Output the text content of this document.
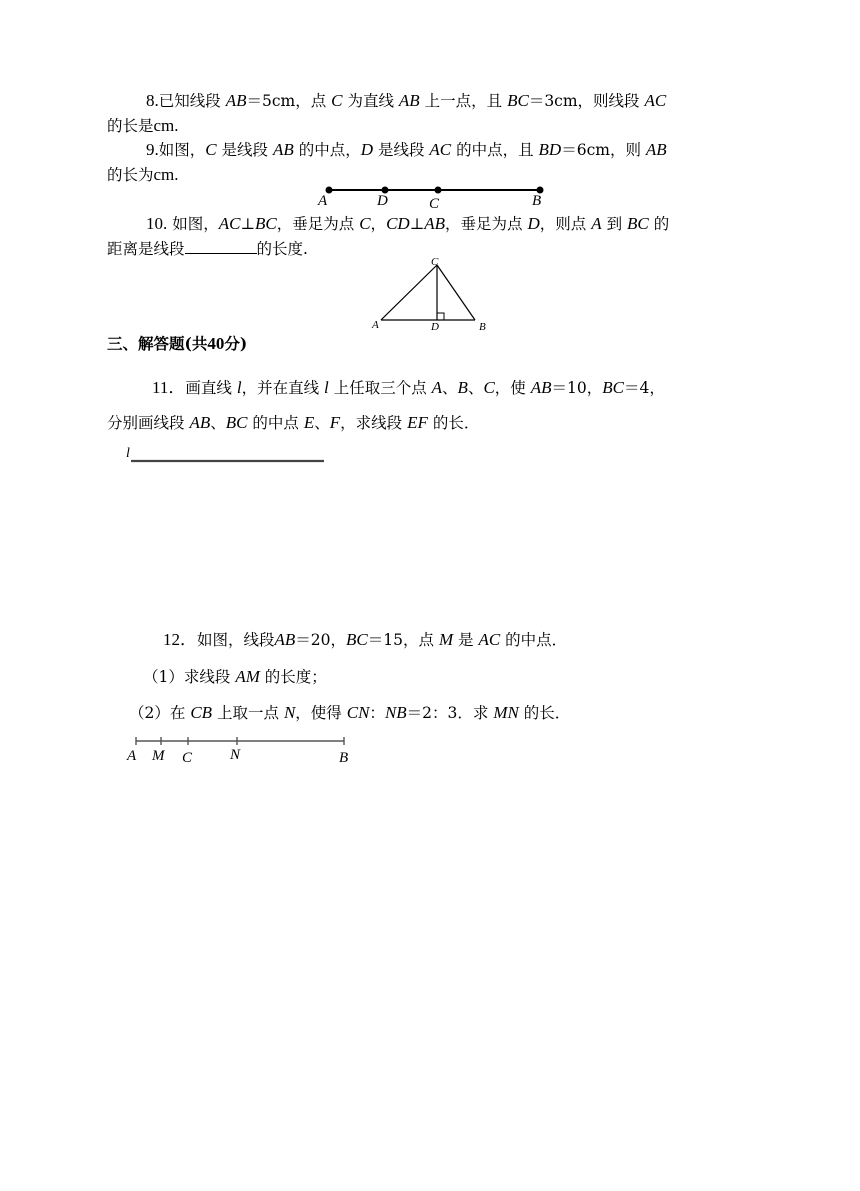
8.已知线段 AB＝5cm，点 C 为直线 AB 上一点，且 BC＝3cm，则线段 AC
的长是cm.
9.如图，C 是线段 AB 的中点，D 是线段 AC 的中点，且 BD＝6cm，则 AB
的长为cm.
A	D	C	B
10. 如图，AC⊥BC，垂足为点 C，CD⊥AB，垂足为点 D，则点 A 到 BC 的
距离是线段	的长度.
C
A	D	B
三、解答题(共40分)
11．画直线 l，并在直线 l 上任取三个点 A、B、C，使 AB＝10，BC＝4，
分别画线段 AB、BC 的中点 E、F，求线段 EF 的长．
l
12．如图，线段AB＝20，BC＝15，点 M 是 AC 的中点．
（1）求线段 AM 的长度；
（2）在 CB 上取一点 N，使得 CN：NB＝2：3．求 MN 的长．
A M C	N	B
